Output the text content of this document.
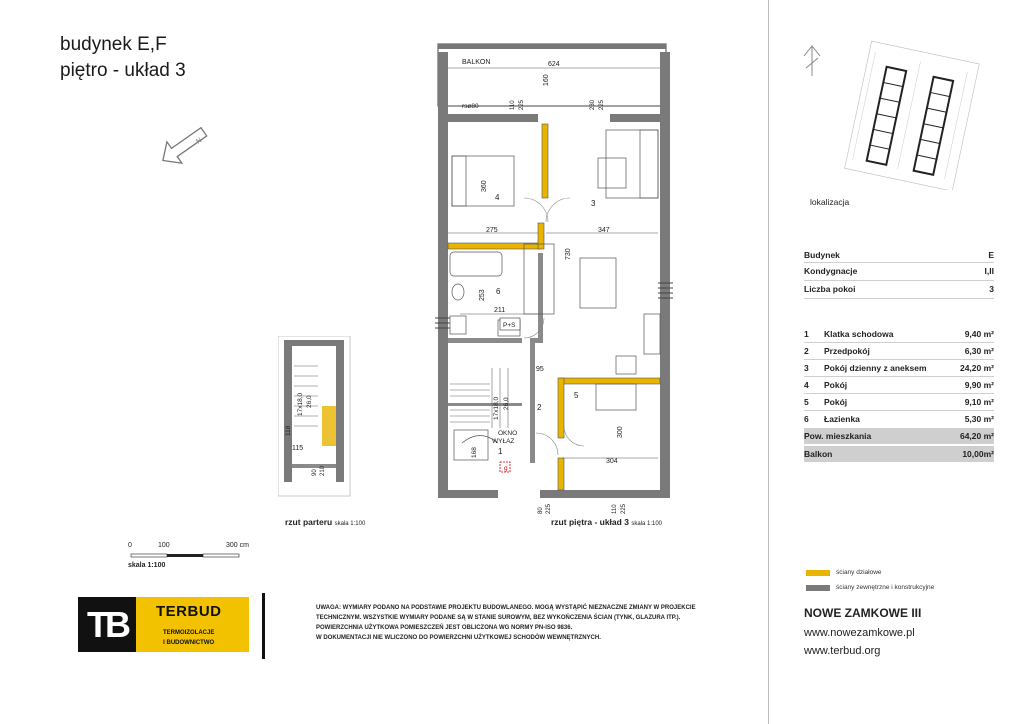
budynek E,F
piętro - układ 3
N
BALKON	624
160
110 225	230 225
rsø80
360
4
3
275	347
730
253 6
211
P+S
95
17x18,0 26,0	2
5
OKNO WYŁAZ
168	1
300
304
g
80 225	110 225
118
17x18,0 26,0
115
90 210
rzut parteru skala 1:100	rzut piętra - układ 3 skala 1:100
0	100	300 cm
skala 1:100
lokalizacja
Budynek	E
Kondygnacje	I,II
Liczba pokoi	3
1	Klatka schodowa	9,40 m²
2	Przedpokój	6,30 m²
3	Pokój dzienny z aneksem	24,20 m²
4	Pokój	9,90 m²
5	Pokój	9,10 m²
6	Łazienka	5,30 m²
Pow. mieszkania	64,20 m²
Balkon	10,00m²
ściany działowe
ściany zewnętrzne i konstrukcyjne
NOWE ZAMKOWE III
www.nowezamkowe.pl
www.terbud.org
UWAGA: WYMIARY PODANO NA PODSTAWIE PROJEKTU BUDOWLANEGO. MOGĄ WYSTĄPIĆ NIEZNACZNE ZMIANY W PROJEKCIE
TECHNICZNYM. WSZYSTKIE WYMIARY PODANE SĄ W STANIE SUROWYM, BEZ WYKOŃCZENIA ŚCIAN (TYNK, GLAZURA ITP.).
POWIERZCHNIA UŻYTKOWA POMIESZCZEŃ JEST OBLICZONA WG NORMY PN-ISO 9836.
W DOKUMENTACJI NIE WLICZONO DO POWIERZCHNI UŻYTKOWEJ SCHODÓW WEWNĘTRZNYCH.
TB	TERBUD
TERMOIZOLACJE
I BUDOWNICTWO
